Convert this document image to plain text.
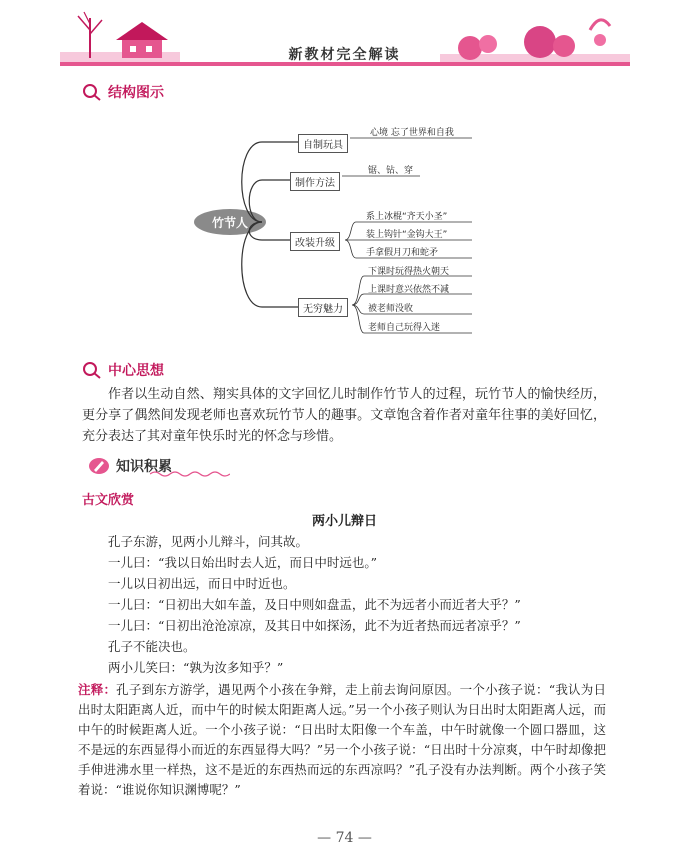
新教材完全解读
结构图示
竹节人
自制玩具
心境 忘了世界和自我
制作方法
锯、钻、穿
改装升级
系上冰棍“齐天小圣”
装上钩针“金钩大王”
手拿假月刀和蛇矛
无穷魅力
下课时玩得热火朝天
上课时意兴依然不减
被老师没收
老师自己玩得入迷
中心思想
作者以生动自然、翔实具体的文字回忆儿时制作竹节人的过程，玩竹节人的愉快经历，更分享了偶然间发现老师也喜欢玩竹节人的趣事。文章饱含着作者对童年往事的美好回忆，充分表达了其对童年快乐时光的怀念与珍惜。
知识积累
古文欣赏
两小儿辩日
孔子东游，见两小儿辩斗，问其故。
一儿曰：“我以日始出时去人近，而日中时远也。”
一儿以日初出远，而日中时近也。
一儿曰：“日初出大如车盖，及日中则如盘盂，此不为远者小而近者大乎？”
一儿曰：“日初出沧沧凉凉，及其日中如探汤，此不为近者热而远者凉乎？”
孔子不能决也。
两小儿笑曰：“孰为汝多知乎？”
注释：孔子到东方游学，遇见两个小孩在争辩，走上前去询问原因。一个小孩子说：“我认为日出时太阳距离人近，而中午的时候太阳距离人远。”另一个小孩子则认为日出时太阳距离人远，而中午的时候距离人近。一个小孩子说：“日出时太阳像一个车盖，中午时就像一个圆口器皿，这不是远的东西显得小而近的东西显得大吗？”另一个小孩子说：“日出时十分凉爽，中午时却像把手伸进沸水里一样热，这不是近的东西热而远的东西凉吗？”孔子没有办法判断。两个小孩子笑着说：“谁说你知识渊博呢？”
— 74 —
